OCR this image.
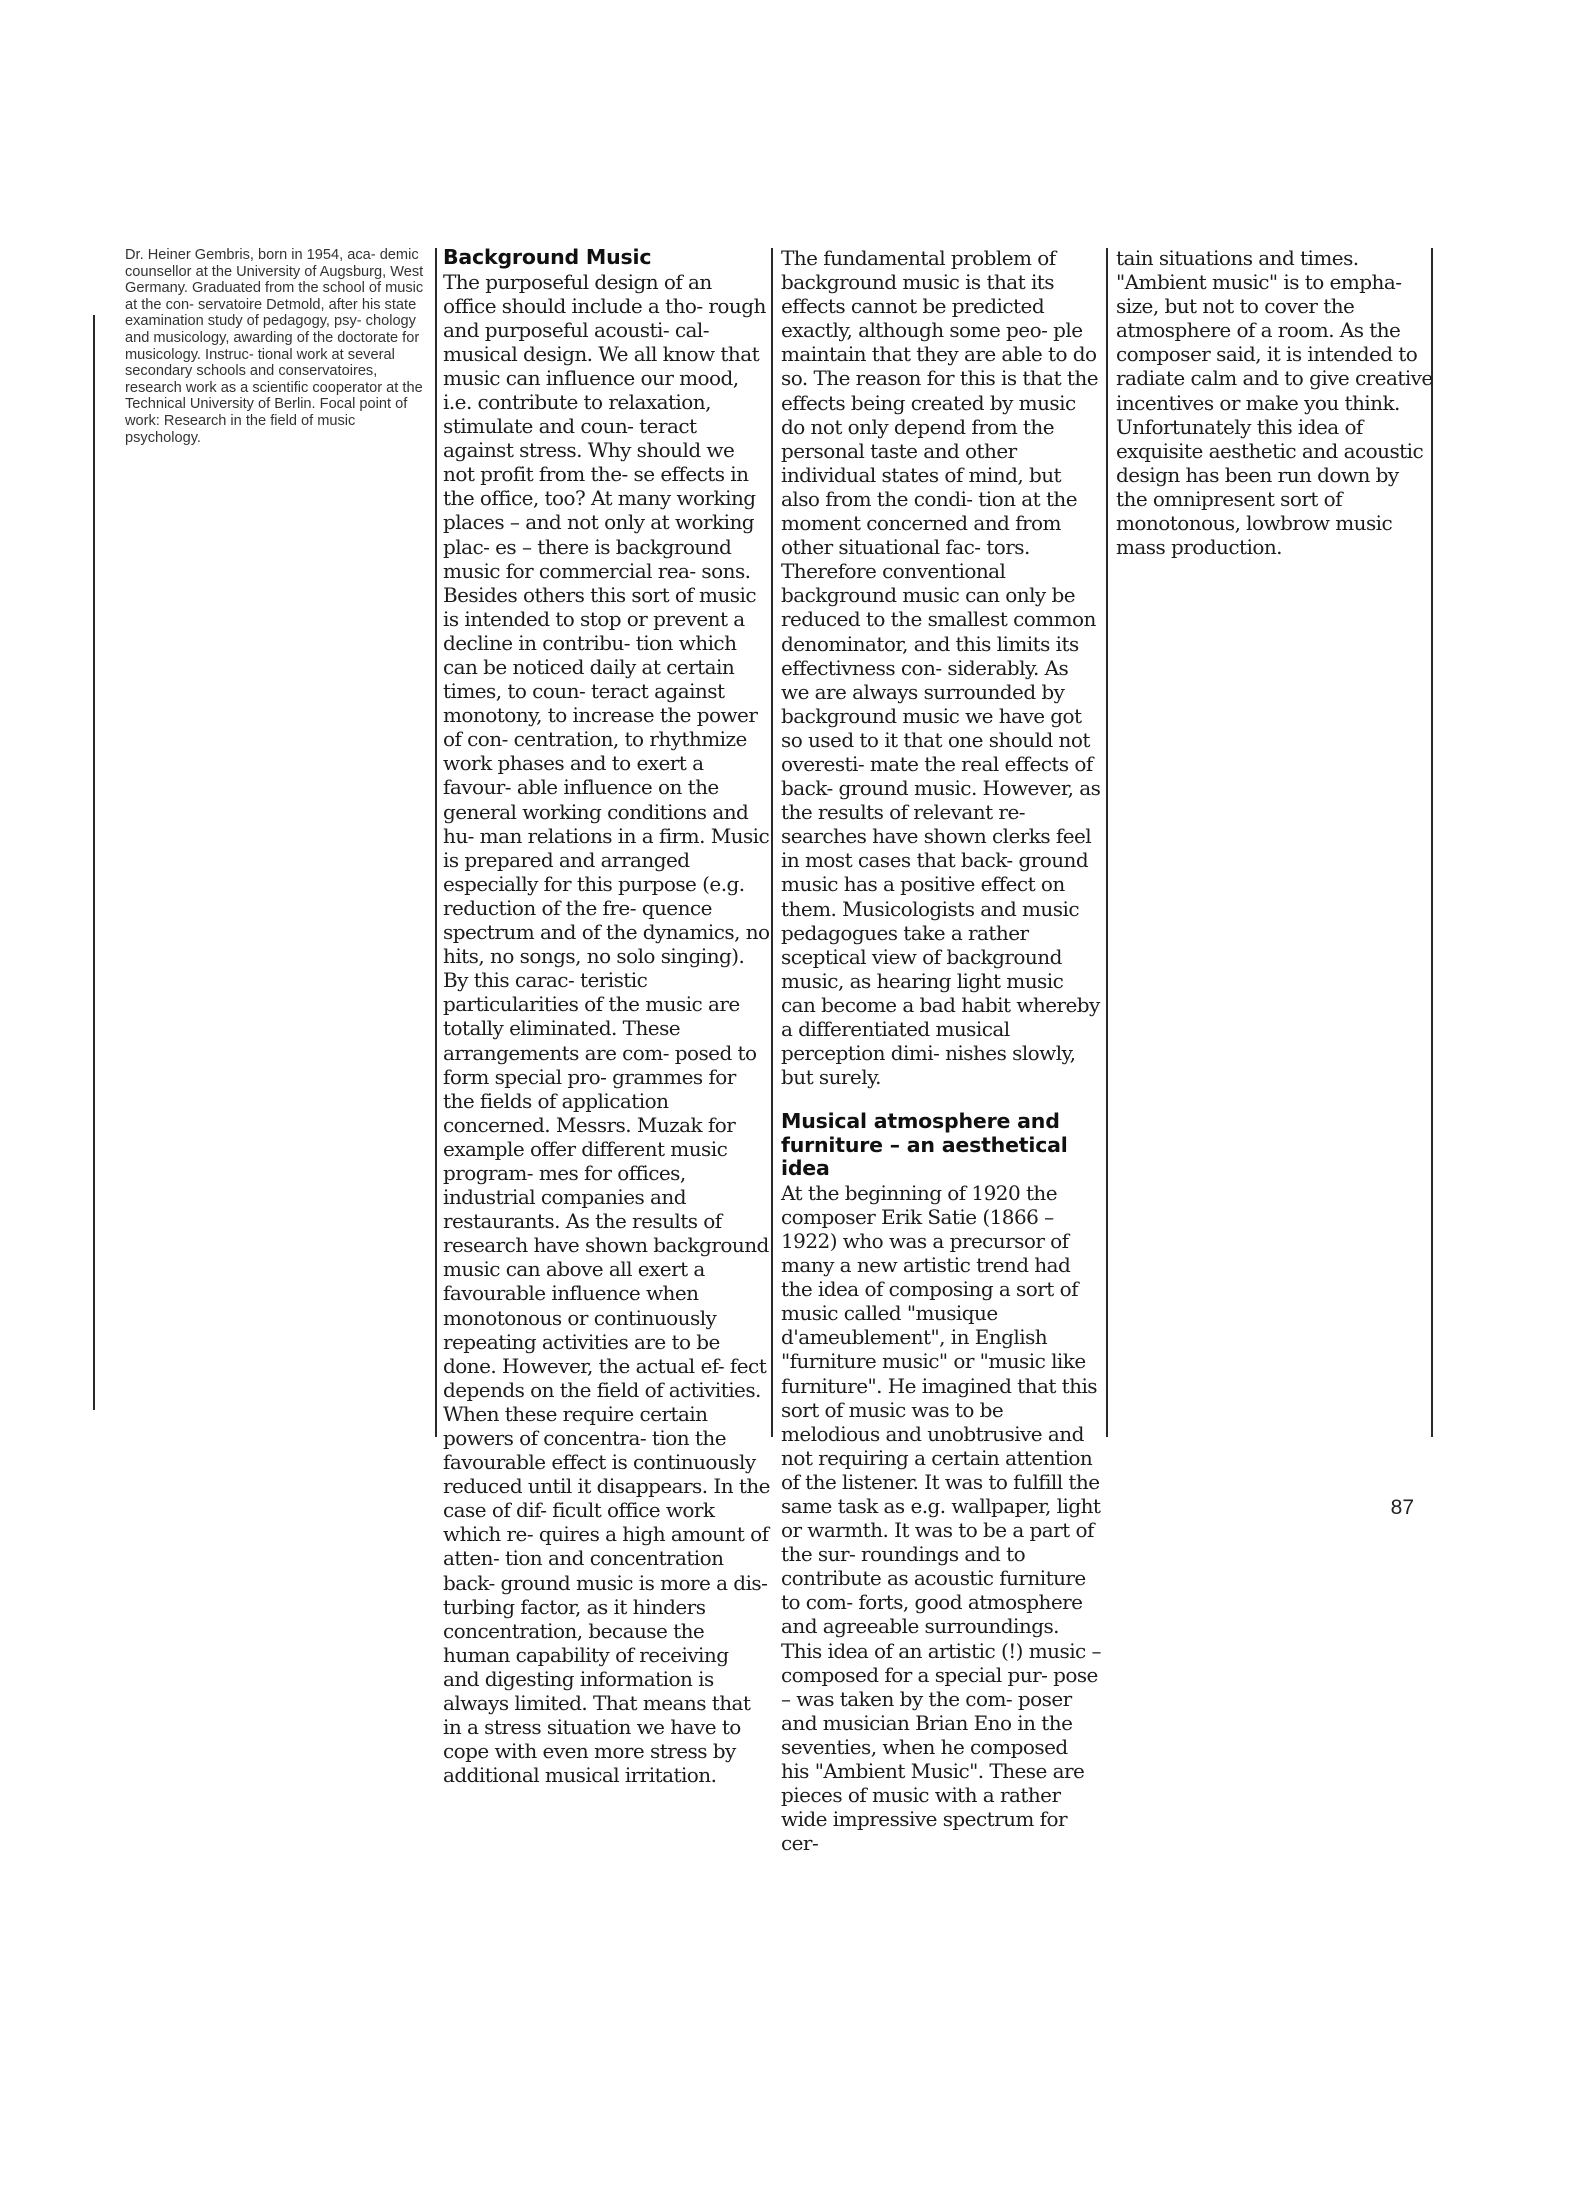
Dr. Heiner Gembris, born in 1954, aca- demic counsellor at the University of Augsburg, West Germany. Graduated from the school of music at the con- servatoire Detmold, after his state examination study of pedagogy, psy- chology and musicology, awarding of the doctorate for musicology. Instruc- tional work at several secondary schools and conservatoires, research work as a scientific cooperator at the Technical University of Berlin. Focal point of work: Research in the field of music psychology.
Background Music

The purposeful design of an office should include a tho- rough and purposeful acousti- cal-musical design. We all know that music can influence our mood, i.e. contribute to relaxation, stimulate and coun- teract against stress. Why should we not profit from the- se effects in the office, too? At many working places – and not only at working plac- es – there is background music for commercial rea- sons. Besides others this sort of music is intended to stop or prevent a decline in contribu- tion which can be noticed daily at certain times, to coun- teract against monotony, to increase the power of con- centration, to rhythmize work phases and to exert a favour- able influence on the general working conditions and hu- man relations in a firm. Music is prepared and arranged especially for this purpose (e.g. reduction of the fre- quence spectrum and of the dynamics, no hits, no songs, no solo singing). By this carac- teristic particularities of the music are totally eliminated. These arrangements are com- posed to form special pro- grammes for the fields of application concerned. Messrs. Muzak for example offer different music program- mes for offices, industrial companies and restaurants. As the results of research have shown background music can above all exert a favourable influence when monotonous or continuously repeating activities are to be done. However, the actual ef- fect depends on the field of activities. When these require certain powers of concentra- tion the favourable effect is continuously reduced until it disappears. In the case of dif- ficult office work which re- quires a high amount of atten- tion and concentration back- ground music is more a dis- turbing factor, as it hinders concentration, because the human capability of receiving and digesting information is always limited. That means that in a stress situation we have to cope with even more stress by additional musical irritation.

The fundamental problem of background music is that its effects cannot be predicted exactly, although some peo- ple maintain that they are able to do so. The reason for this is that the effects being created by music do not only depend from the personal taste and other individual states of mind, but also from the condi- tion at the moment concerned and from other situational fac- tors. Therefore conventional background music can only be reduced to the smallest common denominator, and this limits its effectivness con- siderably. As we are always surrounded by background music we have got so used to it that one should not overesti- mate the real effects of back- ground music. However, as the results of relevant re- searches have shown clerks feel in most cases that back- ground music has a positive effect on them. Musicologists and music pedagogues take a rather sceptical view of background music, as hearing light music can become a bad habit whereby a differentiated musical perception dimi- nishes slowly, but surely.

Musical atmosphere and furniture – an aesthetical idea

At the beginning of 1920 the composer Erik Satie (1866 – 1922) who was a precursor of many a new artistic trend had the idea of composing a sort of music called "musique d'ameublement", in English "furniture music" or "music like furniture". He imagined that this sort of music was to be melodious and unobtrusive and not requiring a certain attention of the listener. It was to fulfill the same task as e.g. wallpaper, light or warmth. It was to be a part of the sur- roundings and to contribute as acoustic furniture to com- forts, good atmosphere and agreeable surroundings. This idea of an artistic (!) music – composed for a special pur- pose – was taken by the com- poser and musician Brian Eno in the seventies, when he composed his "Ambient Music". These are pieces of music with a rather wide impressive spectrum for cer-

tain situations and times. "Ambient music" is to empha- size, but not to cover the atmosphere of a room. As the composer said, it is intended to radiate calm and to give creative incentives or make you think. Unfortunately this idea of exquisite aesthetic and acoustic design has been run down by the omnipresent sort of monotonous, lowbrow music mass production.

87
